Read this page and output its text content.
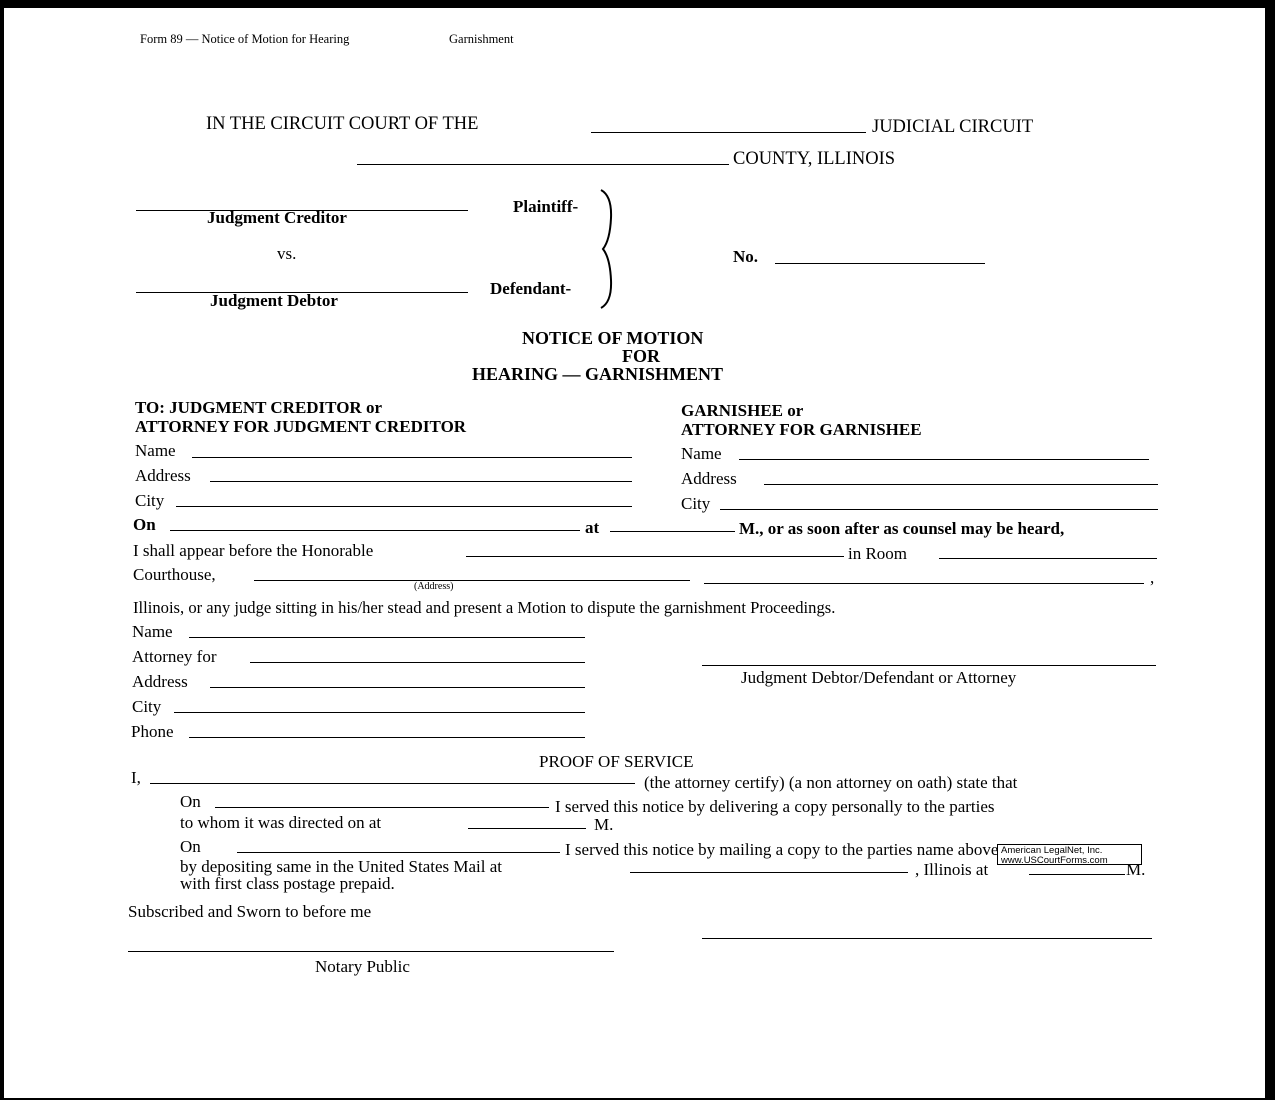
Form 89 — Notice of Motion for Hearing	Garnishment
IN THE CIRCUIT COURT OF THE	JUDICIAL CIRCUIT
COUNTY, ILLINOIS
Judgment Creditor
Plaintiff-
vs.
Judgment Debtor
Defendant-
No.
NOTICE OF MOTION
FOR
HEARING — GARNISHMENT
TO: JUDGMENT CREDITOR or
ATTORNEY FOR JUDGMENT CREDITOR
Name
Address
City
GARNISHEE or
ATTORNEY FOR GARNISHEE
Name
Address
City
On	at	M., or as soon after as counsel may be heard,
I shall appear before the Honorable	in Room
Courthouse,
(Address)	,
Illinois, or any judge sitting in his/her stead and present a Motion to dispute the garnishment Proceedings.
Name
Attorney for
Address
City
Phone
Judgment Debtor/Defendant or Attorney
PROOF OF SERVICE
I,	(the attorney certify) (a non attorney on oath) state that
On	I served this notice by delivering a copy personally to the parties
to whom it was directed on at	M.
On	I served this notice by mailing a copy to the parties name above
by depositing same in the United States Mail at	, Illinois at	M.
with first class postage prepaid.
Subscribed and Sworn to before me
Notary Public
American LegalNet, Inc.
www.USCourtForms.com
